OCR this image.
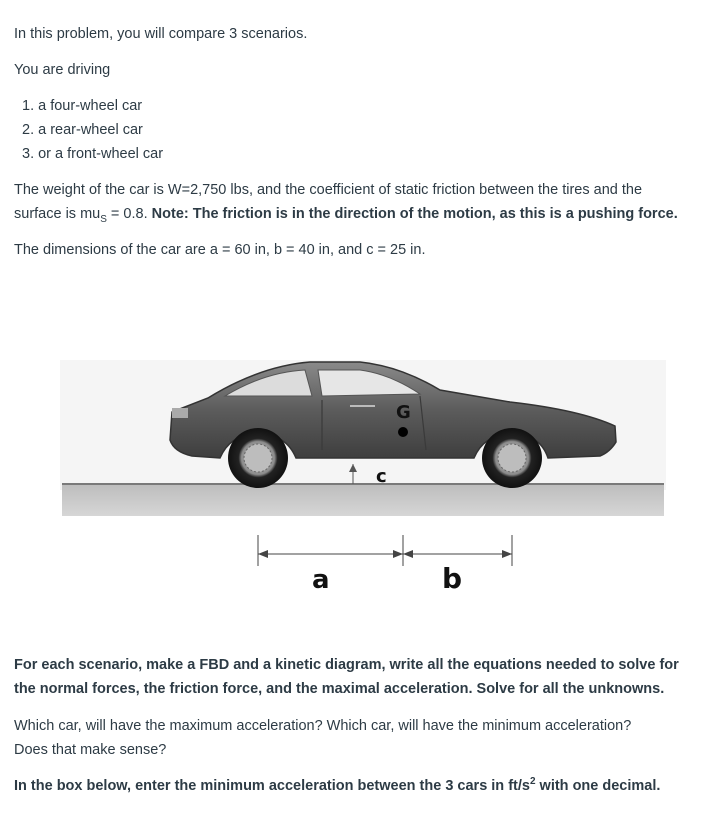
In this problem, you will compare 3 scenarios.

You are driving

1. a four-wheel car
2. a rear-wheel car
3. or a front-wheel car

The weight of the car is W=2,750 lbs, and the coefficient of static friction between the tires and the

surface is $mu_S = 0.8$. Note: The friction is in the direction of the motion, as this is a pushing force.

The dimensions of the car are a = 60 in, b = 40 in, and c = 25 in.

For each scenario, make a FBD and a kinetic diagram, write all the equations needed to solve for

the normal forces, the friction force, and the maximal acceleration. Solve for all the unknowns.

Which car, will have the maximum acceleration? Which car, will have the minimum acceleration?

Does that make sense?

In the box below, enter the minimum acceleration between the 3 cars in $ft/s^2$ with one decimal.

G
c
a	b
